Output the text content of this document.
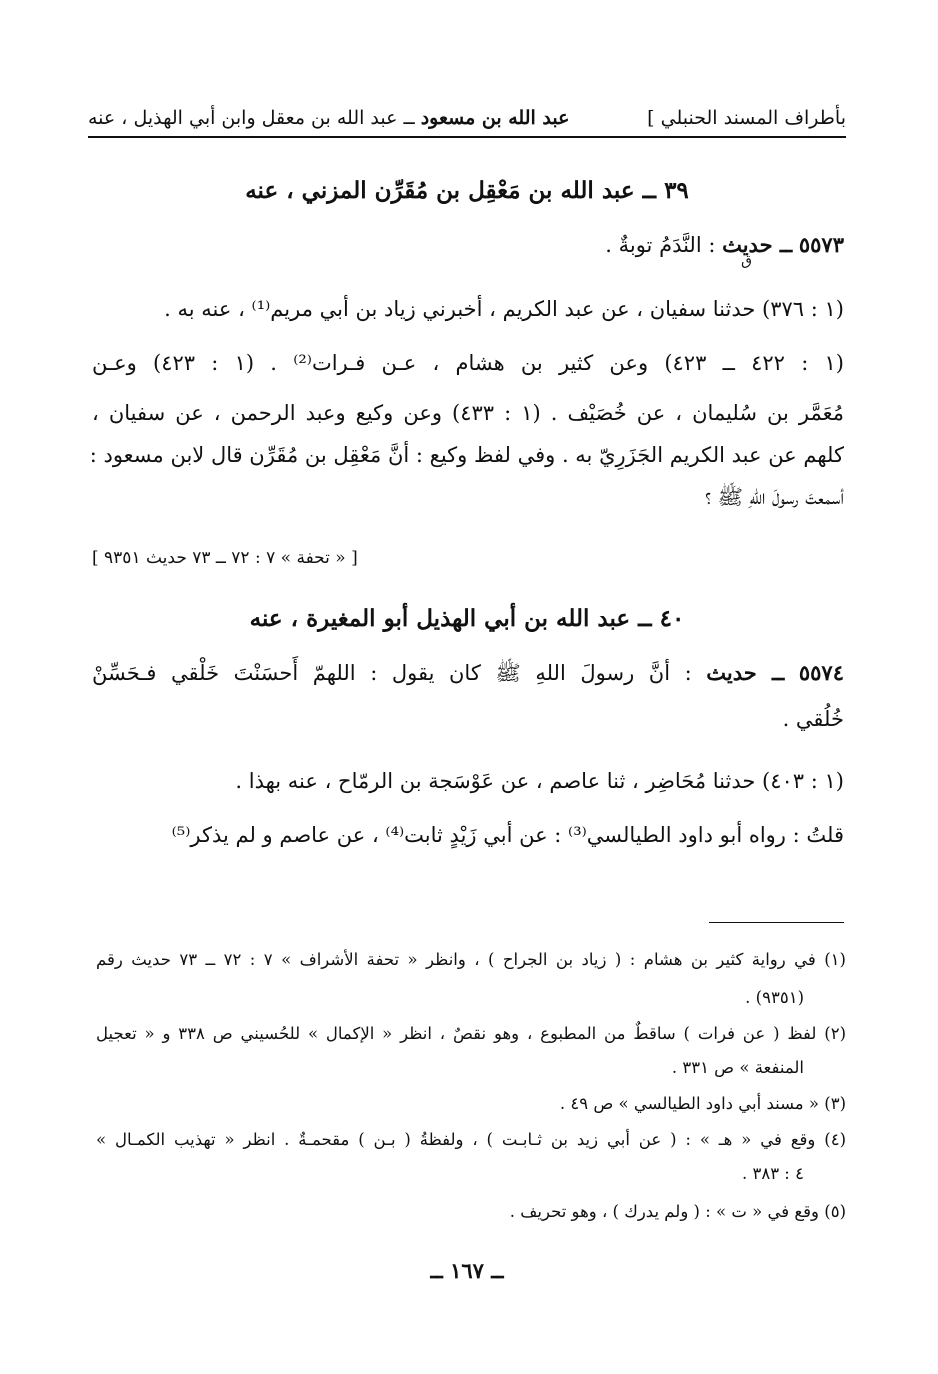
بأطراف المسند الحنبلي ]
عبد الله بن مسعود ــ عبد الله بن معقل وابن أبي الهذيل ، عنه
٣٩ ــ عبد الله بن مَعْقِل بن مُقَرِّن المزني ، عنه
٥٥٧٣ ــ حديث : النَّدَمُ توبةٌ .
ق
(١ : ٣٧٦) حدثنا سفيان ، عن عبد الكريم ، أخبرني زياد بن أبي مريم⁽¹⁾ ، عنه به .
(١ : ٤٢٢ ــ ٤٢٣) وعن كثير بن هشام ، عـن فـرات⁽²⁾ . (١ : ٤٢٣) وعـن
مُعَمَّر بن سُليمان ، عن خُصَيْف . (١ : ٤٣٣) وعن وكيع وعبد الرحمن ، عن سفيان ،
كلهم عن عبد الكريم الجَزَرِيّ به . وفي لفظ وكيع : أنَّ مَعْقِل بن مُقَرِّن قال لابن مسعود :
أسمعتَ رسولَ اللهِ ﷺ ؟
[ « تحفة » ٧ : ٧٢ ــ ٧٣ حديث ٩٣٥١ ]
٤٠ ــ عبد الله بن أبي الهذيل أبو المغيرة ، عنه
٥٥٧٤ ــ حديث : أنَّ رسولَ اللهِ ﷺ كان يقول : اللهمّ أَحسَنْتَ خَلْقي فـحَسِّنْ
خُلُقي .
(١ : ٤٠٣) حدثنا مُحَاضِر ، ثنا عاصم ، عن عَوْسَجة بن الرمّاح ، عنه بهذا .
قلتُ : رواه أبو داود الطيالسي⁽³⁾ : عن أبي زَيْدٍ ثابت⁽⁴⁾ ، عن عاصم و لم يذكر⁽⁵⁾
(١) في رواية كثير بن هشام : ( زياد بن الجراح ) ، وانظر « تحفة الأشراف » ٧ : ٧٢ ــ ٧٣ حديث رقم
(٩٣٥١) .
(٢) لفظ ( عن فرات ) ساقطٌ من المطبوع ، وهو نقصٌ ، انظر « الإكمال » للحُسيني ص ٣٣٨ و « تعجيل
المنفعة » ص ٣٣١ .
(٣) « مسند أبي داود الطيالسي » ص ٤٩ .
(٤) وقع في « هـ » : ( عن أبي زيد بن ثـابـت ) ، ولفظةُ ( بـن ) مقحمـةٌ . انظر « تهذيب الكمـال »
٤ : ٣٨٣ .
(٥) وقع في « ت » : ( ولم يدرك ) ، وهو تحريف .
ــ ١٦٧ ــ
